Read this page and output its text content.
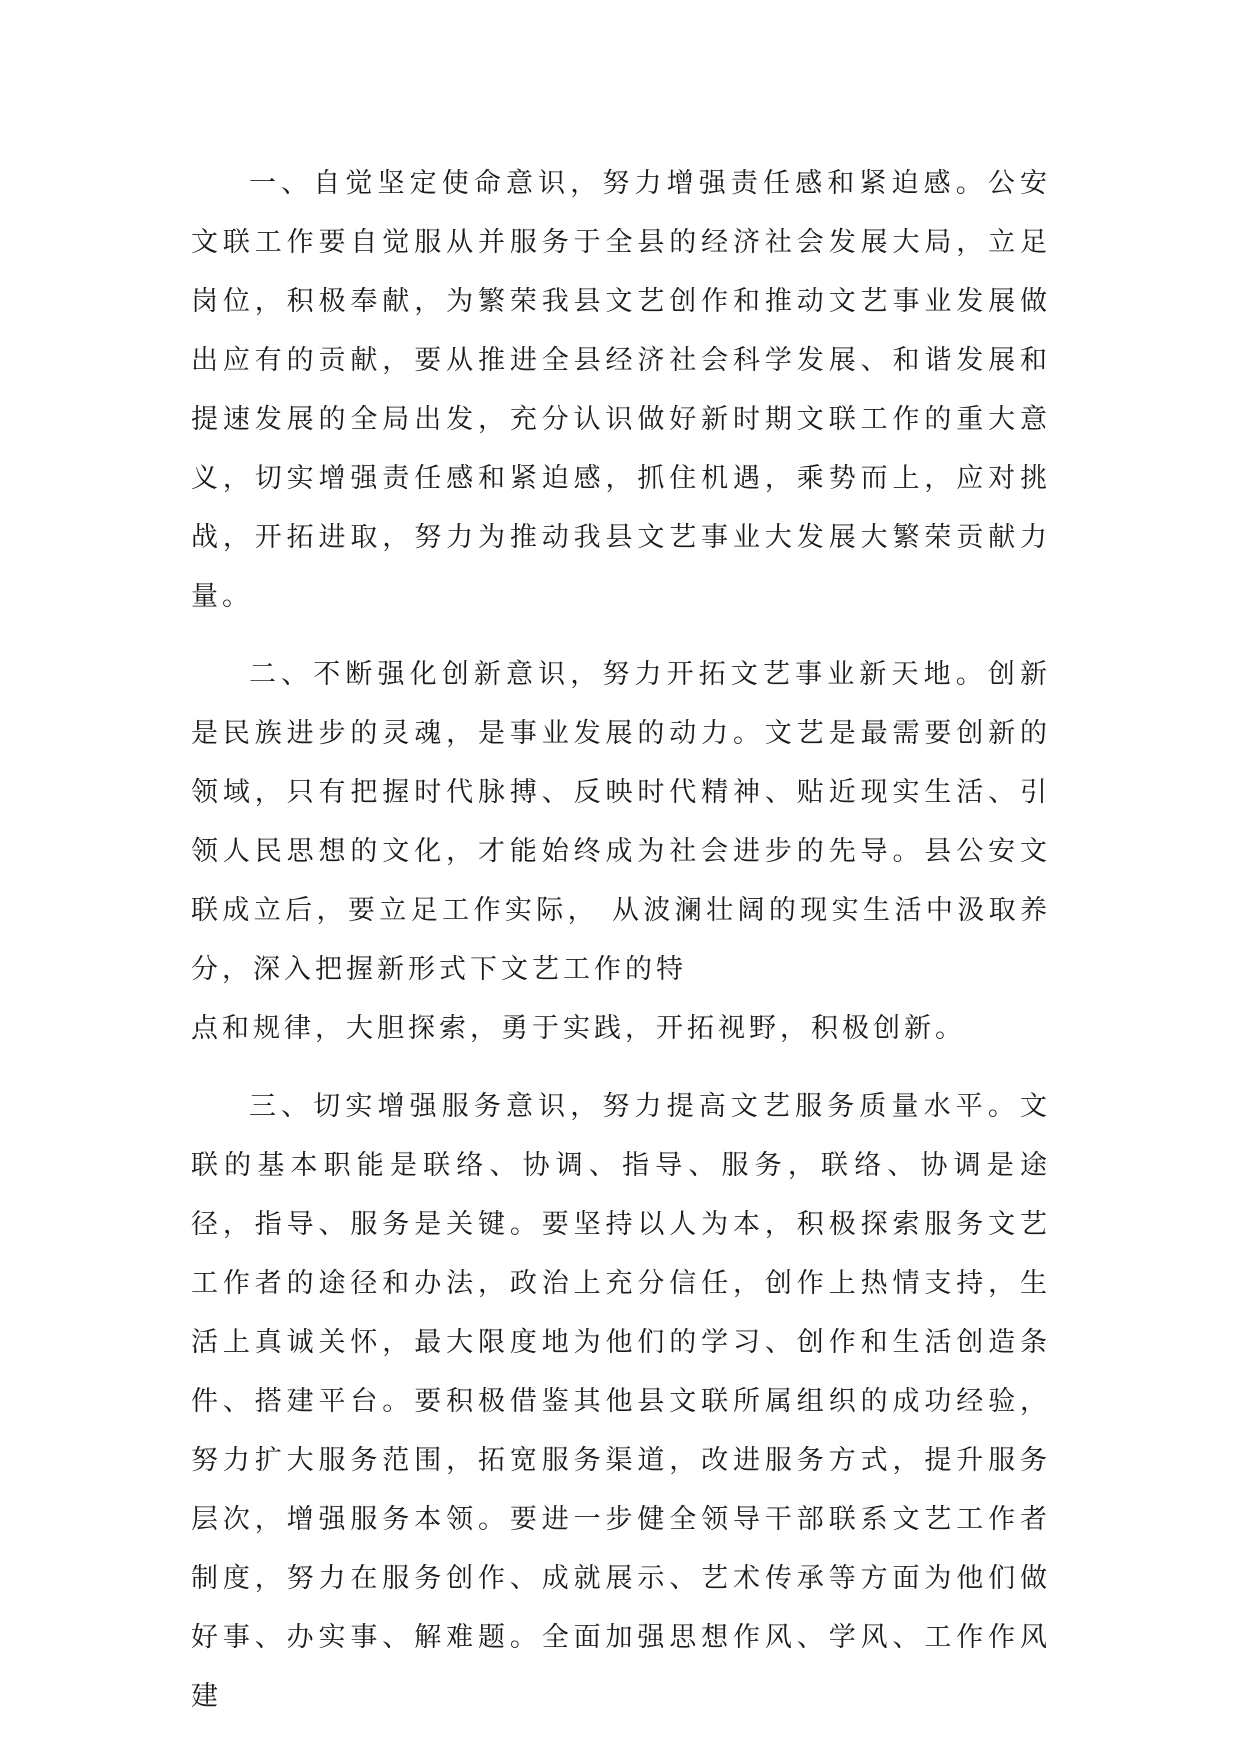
一、自觉坚定使命意识，努力增强责任感和紧迫感。公安文联工作要自觉服从并服务于全县的经济社会发展大局，立足岗位，积极奉献，为繁荣我县文艺创作和推动文艺事业发展做出应有的贡献，要从推进全县经济社会科学发展、和谐发展和提速发展的全局出发，充分认识做好新时期文联工作的重大意义，切实增强责任感和紧迫感，抓住机遇，乘势而上，应对挑战，开拓进取，努力为推动我县文艺事业大发展大繁荣贡献力量。

二、不断强化创新意识，努力开拓文艺事业新天地。创新是民族进步的灵魂，是事业发展的动力。文艺是最需要创新的领域，只有把握时代脉搏、反映时代精神、贴近现实生活、引领人民思想的文化，才能始终成为社会进步的先导。县公安文联成立后，要立足工作实际， 从波澜壮阔的现实生活中汲取养分，深入把握新形式下文艺工作的特

点和规律，大胆探索，勇于实践，开拓视野，积极创新。

三、切实增强服务意识，努力提高文艺服务质量水平。文联的基本职能是联络、协调、指导、服务，联络、协调是途径，指导、服务是关键。要坚持以人为本，积极探索服务文艺工作者的途径和办法，政治上充分信任，创作上热情支持，生活上真诚关怀，最大限度地为他们的学习、创作和生活创造条件、搭建平台。要积极借鉴其他县文联所属组织的成功经验，努力扩大服务范围，拓宽服务渠道，改进服务方式，提升服务层次，增强服务本领。要进一步健全领导干部联系文艺工作者制度，努力在服务创作、成就展示、艺术传承等方面为他们做好事、办实事、解难题。全面加强思想作风、学风、工作作风建
